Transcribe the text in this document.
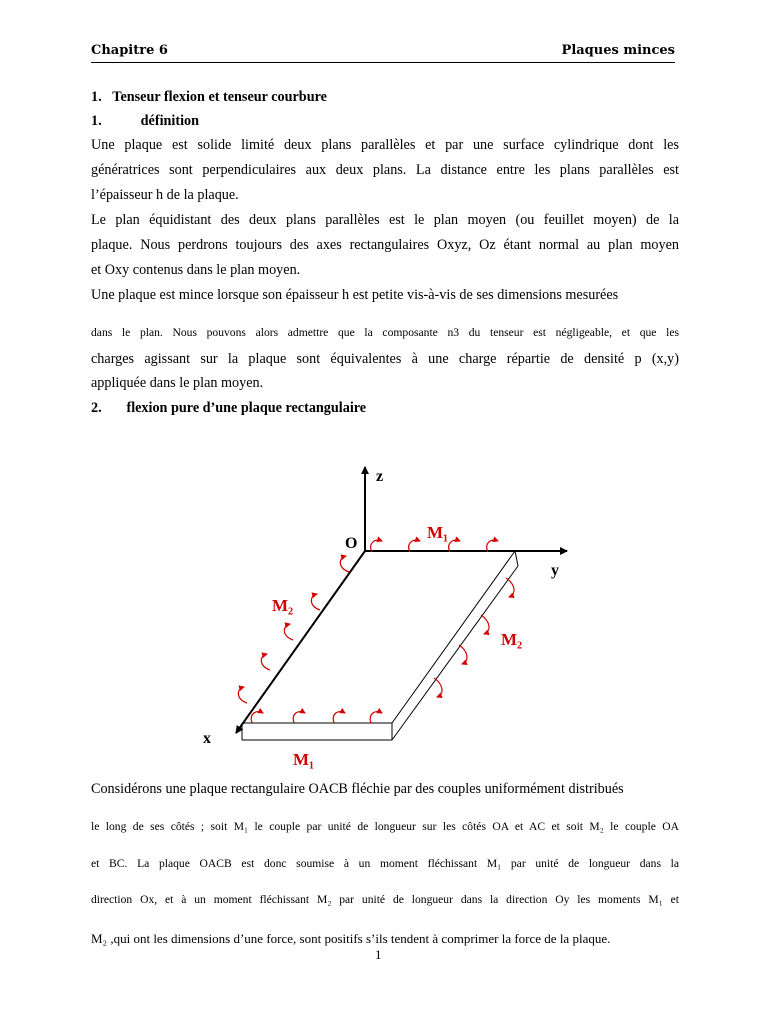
Chapitre 6	Plaques minces
1.   Tenseur flexion et tenseur courbure
1.           définition
Une plaque est solide limité deux plans parallèles et par une surface cylindrique dont les
génératrices sont perpendiculaires aux deux plans. La distance entre les plans parallèles est
l’épaisseur h de la plaque.
Le plan équidistant des deux plans parallèles est le plan moyen (ou feuillet moyen) de la
plaque. Nous perdrons toujours des axes rectangulaires Oxyz, Oz étant normal au plan moyen
et Oxy contenus dans le plan moyen.
Une plaque est mince lorsque son épaisseur h est petite vis-à-vis de ses dimensions mesurées
dans le plan. Nous pouvons alors admettre que la composante n3 du tenseur est négligeable, et que les
charges agissant sur la plaque sont équivalentes à une charge répartie de densité p (x,y)
appliquée dans le plan moyen.
2.       flexion pure d’une plaque rectangulaire
z
y
x
O
M₁
M₂
M₂
M₁
Considérons une plaque rectangulaire OACB fléchie par des couples uniformément distribués
le long de ses côtés ; soit M₁ le couple par unité de longueur sur les côtés OA et AC et soit M₂ le couple OA
et BC. La plaque OACB est donc soumise à un moment fléchissant M₁ par unité de longueur dans la
direction Ox, et à un moment fléchissant M₂ par unité de longueur dans la direction Oy les moments M₁ et
M₂ ,qui ont les dimensions d’une force, sont positifs s’ils tendent à comprimer la force de la plaque.
1
